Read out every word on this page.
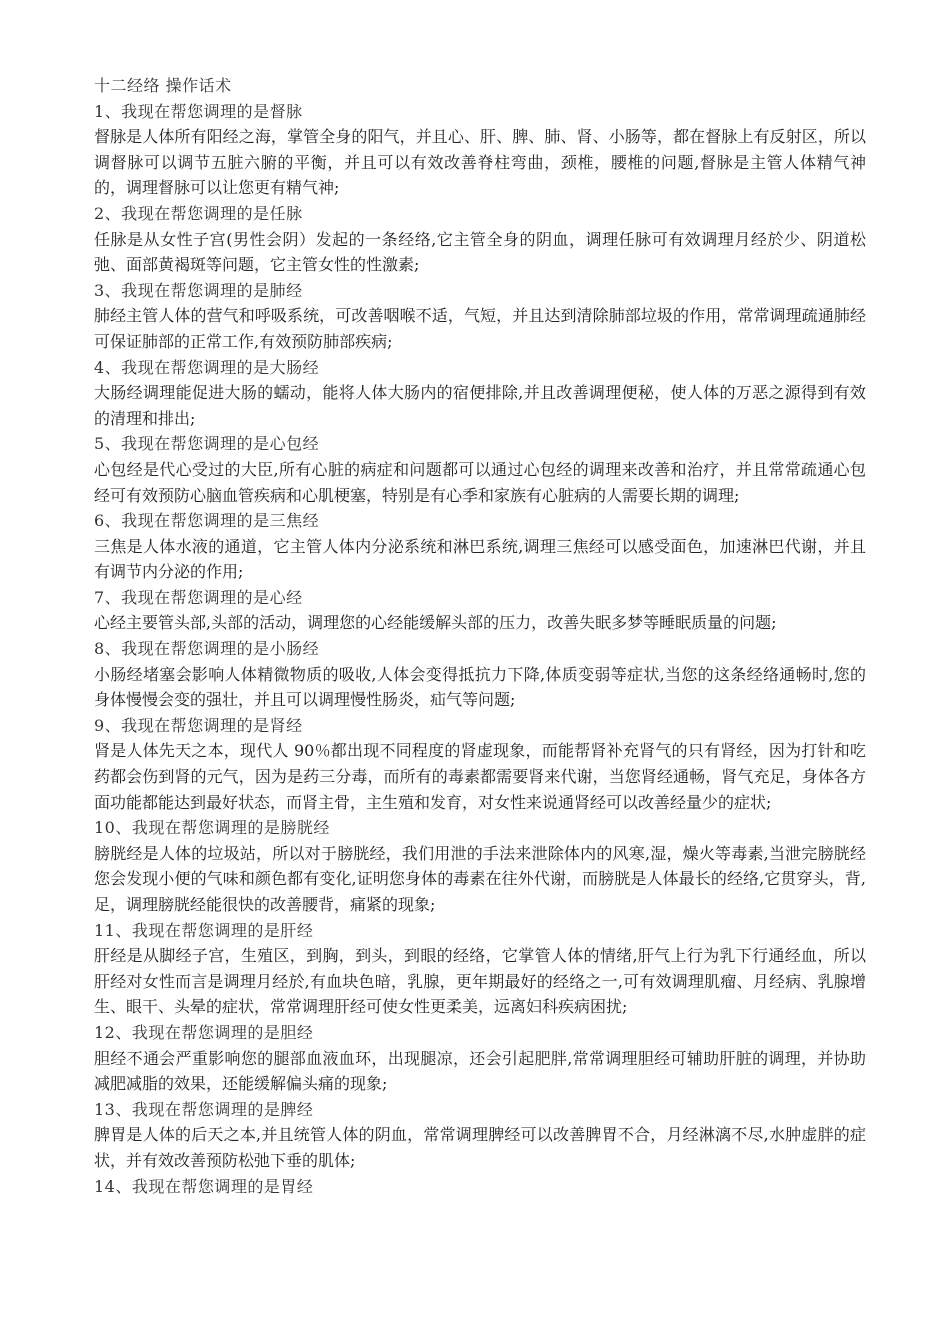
十二经络 操作话术
1、我现在帮您调理的是督脉

督脉是人体所有阳经之海，掌管全身的阳气，并且心、肝、脾、肺、肾、小肠等，都在督脉上有反射区，所以调督脉可以调节五脏六腑的平衡，并且可以有效改善脊柱弯曲，颈椎，腰椎的问题,督脉是主管人体精气神的，调理督脉可以让您更有精气神;

2、我现在帮您调理的是任脉

任脉是从女性子宫(男性会阴）发起的一条经络,它主管全身的阴血，调理任脉可有效调理月经於少、阴道松弛、面部黄褐斑等问题，它主管女性的性激素;

3、我现在帮您调理的是肺经

肺经主管人体的营气和呼吸系统，可改善咽喉不适，气短，并且达到清除肺部垃圾的作用，常常调理疏通肺经可保证肺部的正常工作,有效预防肺部疾病;

4、我现在帮您调理的是大肠经

大肠经调理能促进大肠的蠕动，能将人体大肠内的宿便排除,并且改善调理便秘，使人体的万恶之源得到有效的清理和排出;

5、我现在帮您调理的是心包经

心包经是代心受过的大臣,所有心脏的病症和问题都可以通过心包经的调理来改善和治疗，并且常常疏通心包经可有效预防心脑血管疾病和心肌梗塞，特别是有心季和家族有心脏病的人需要长期的调理;

6、我现在帮您调理的是三焦经

三焦是人体水液的通道，它主管人体内分泌系统和淋巴系统,调理三焦经可以感受面色，加速淋巴代谢，并且有调节内分泌的作用;

7、我现在帮您调理的是心经

心经主要管头部,头部的活动，调理您的心经能缓解头部的压力，改善失眠多梦等睡眠质量的问题;

8、我现在帮您调理的是小肠经

小肠经堵塞会影响人体精微物质的吸收,人体会变得抵抗力下降,体质变弱等症状,当您的这条经络通畅时,您的身体慢慢会变的强壮，并且可以调理慢性肠炎，疝气等问题;

9、我现在帮您调理的是肾经

肾是人体先天之本，现代人 90％都出现不同程度的肾虚现象，而能帮肾补充肾气的只有肾经，因为打针和吃药都会伤到肾的元气，因为是药三分毒，而所有的毒素都需要肾来代谢，当您肾经通畅，肾气充足，身体各方面功能都能达到最好状态，而肾主骨，主生殖和发育，对女性来说通肾经可以改善经量少的症状;

10、我现在帮您调理的是膀胱经

膀胱经是人体的垃圾站，所以对于膀胱经，我们用泄的手法来泄除体内的风寒,湿，燥火等毒素,当泄完膀胱经您会发现小便的气味和颜色都有变化,证明您身体的毒素在往外代谢，而膀胱是人体最长的经络,它贯穿头，背,足，调理膀胱经能很快的改善腰背，痛紧的现象;

11、我现在帮您调理的是肝经

肝经是从脚经子宫，生殖区，到胸，到头，到眼的经络，它掌管人体的情绪,肝气上行为乳下行通经血，所以肝经对女性而言是调理月经於,有血块色暗，乳腺，更年期最好的经络之一,可有效调理肌瘤、月经病、乳腺增生、眼干、头晕的症状，常常调理肝经可使女性更柔美，远离妇科疾病困扰;

12、我现在帮您调理的是胆经

胆经不通会严重影响您的腿部血液血环，出现腿凉，还会引起肥胖,常常调理胆经可辅助肝脏的调理，并协助减肥减脂的效果，还能缓解偏头痛的现象;

13、我现在帮您调理的是脾经

脾胃是人体的后天之本,并且统管人体的阴血，常常调理脾经可以改善脾胃不合，月经淋漓不尽,水肿虚胖的症状，并有效改善预防松弛下垂的肌体;

14、我现在帮您调理的是胃经
